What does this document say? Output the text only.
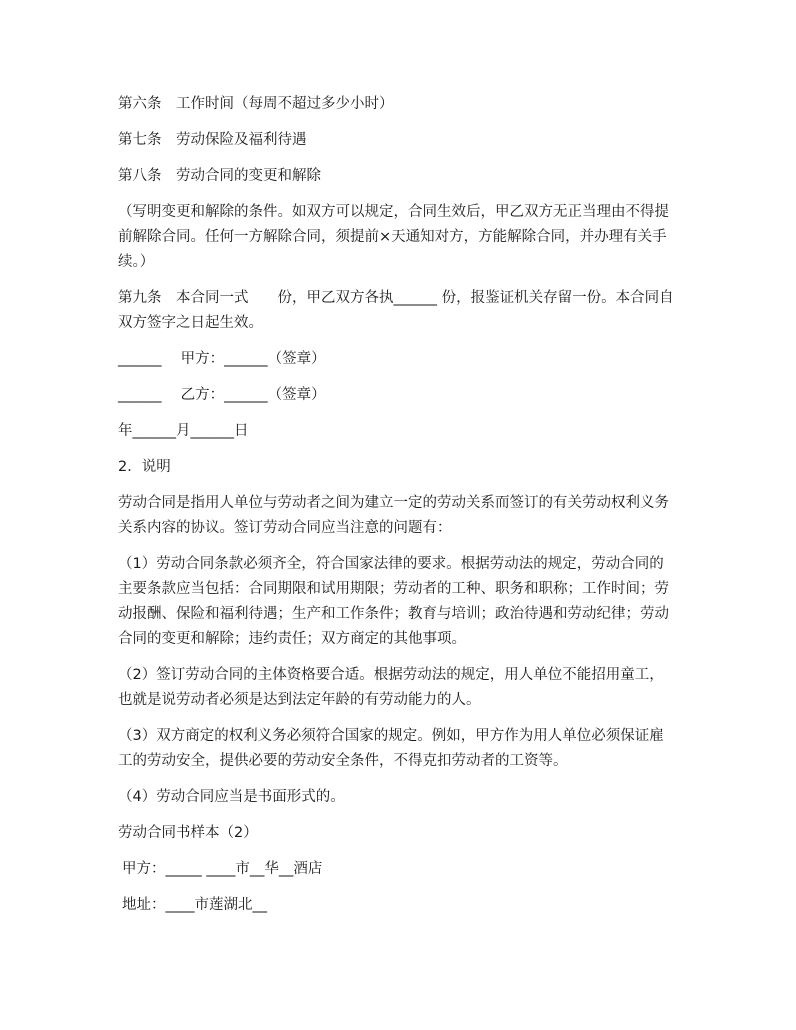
第六条　工作时间（每周不超过多少小时）

第七条　劳动保险及福利待遇

第八条　劳动合同的变更和解除

（写明变更和解除的条件。如双方可以规定，合同生效后，甲乙双方无正当理由不得提前解除合同。任何一方解除合同，须提前×天通知对方，方能解除合同，并办理有关手续。）

第九条　本合同一式　　份，甲乙双方各执______ 份，报鉴证机关存留一份。本合同自双方签字之日起生效。

______　 甲方：______（签章）

______　 乙方：______（签章）

年______月______日

2．说明

劳动合同是指用人单位与劳动者之间为建立一定的劳动关系而签订的有关劳动权利义务关系内容的协议。签订劳动合同应当注意的问题有：

（1）劳动合同条款必须齐全，符合国家法律的要求。根据劳动法的规定，劳动合同的主要条款应当包括：合同期限和试用期限；劳动者的工种、职务和职称；工作时间；劳动报酬、保险和福利待遇；生产和工作条件；教育与培训；政治待遇和劳动纪律；劳动合同的变更和解除；违约责任；双方商定的其他事项。

（2）签订劳动合同的主体资格要合适。根据劳动法的规定，用人单位不能招用童工，也就是说劳动者必须是达到法定年龄的有劳动能力的人。

（3）双方商定的权利义务必须符合国家的规定。例如，甲方作为用人单位必须保证雇工的劳动安全，提供必要的劳动安全条件，不得克扣劳动者的工资等。

（4）劳动合同应当是书面形式的。

劳动合同书样本（2）

甲方：_____ ____市__华__酒店

地址：____市莲湖北__
